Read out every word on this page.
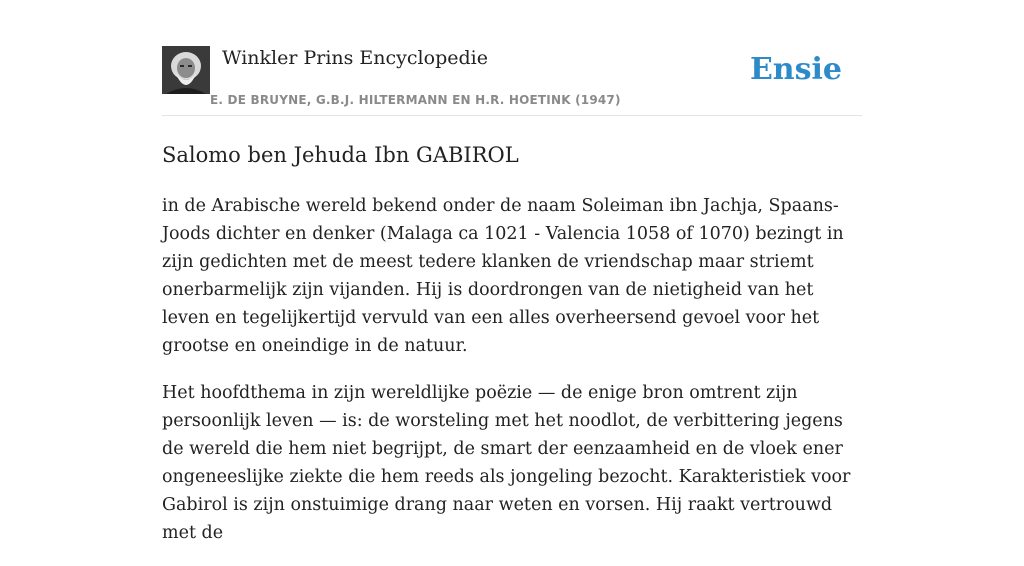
Winkler Prins Encyclopedie
E. DE BRUYNE, G.B.J. HILTERMANN EN H.R. HOETINK (1947)
Ensie
Salomo ben Jehuda Ibn GABIROL

in de Arabische wereld bekend onder de naam Soleiman ibn Jachja, Spaans-Joods dichter en denker (Malaga ca 1021 - Valencia 1058 of 1070) bezingt in zijn gedichten met de meest tedere klanken de vriendschap maar striemt onerbarmelijk zijn vijanden. Hij is doordrongen van de nietigheid van het leven en tegelijkertijd vervuld van een alles overheersend gevoel voor het grootse en oneindige in de natuur.

Het hoofdthema in zijn wereldlijke poëzie — de enige bron omtrent zijn persoonlijk leven — is: de worsteling met het noodlot, de verbittering jegens de wereld die hem niet begrijpt, de smart der eenzaamheid en de vloek ener ongeneeslijke ziekte die hem reeds als jongeling bezocht. Karakteristiek voor Gabirol is zijn onstuimige drang naar weten en vorsen. Hij raakt vertrouwd met de
